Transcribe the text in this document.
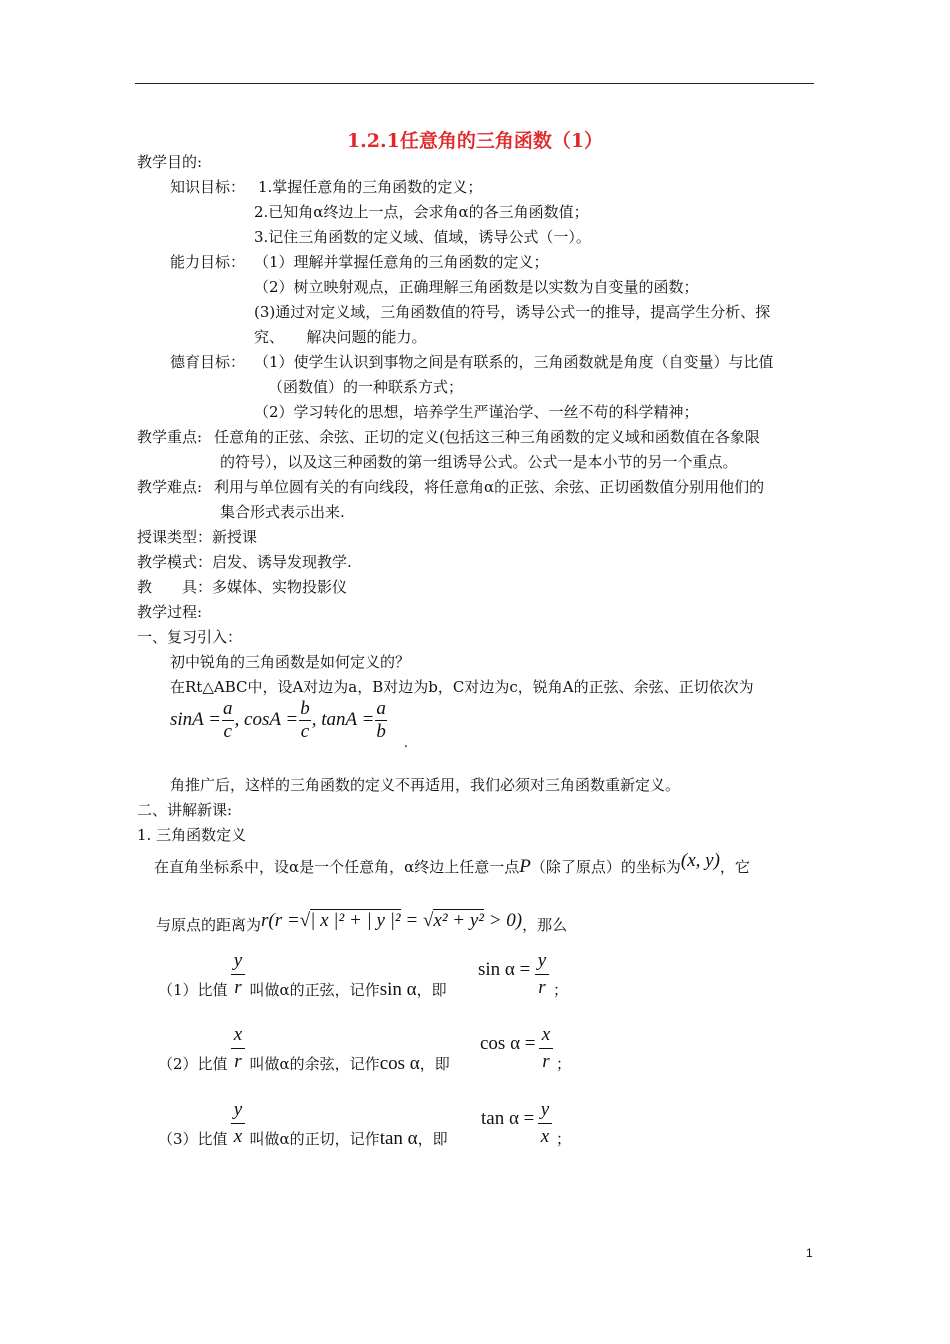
1.2.1任意角的三角函数（1）
教学目的:
知识目标： 1.掌握任意角的三角函数的定义；
2.已知角α终边上一点，会求角α的各三角函数值；
3.记住三角函数的定义域、值域，诱导公式（一）。
能力目标： （1）理解并掌握任意角的三角函数的定义；
（2）树立映射观点，正确理解三角函数是以实数为自变量的函数；
(3)通过对定义域，三角函数值的符号，诱导公式一的推导，提高学生分析、探
究、　　解决问题的能力。
德育目标： （1）使学生认识到事物之间是有联系的，三角函数就是角度（自变量）与比值
（函数值）的一种联系方式；
（2）学习转化的思想，培养学生严谨治学、一丝不苟的科学精神；
教学重点: 任意角的正弦、余弦、正切的定义(包括这三种三角函数的定义域和函数值在各象限
的符号），以及这三种函数的第一组诱导公式。公式一是本小节的另一个重点。
教学难点: 利用与单位圆有关的有向线段，将任意角α的正弦、余弦、正切函数值分别用他们的
集合形式表示出来.
授课类型：新授课
教学模式：启发、诱导发现教学.
教　　具：多媒体、实物投影仪
教学过程:
一、复习引入：
初中锐角的三角函数是如何定义的？
在Rt△ABC中，设A对边为a，B对边为b，C对边为c，锐角A的正弦、余弦、正切依次为
$\sin A = \frac{a}{c}$ , $\cos A = \frac{b}{c}$ , $\tan A = \frac{a}{b}$ .
角推广后，这样的三角函数的定义不再适用，我们必须对三角函数重新定义。
二、讲解新课:
1. 三角函数定义
在直角坐标系中，设α是一个任意角，α终边上任意一点P（除了原点）的坐标为(x, y)，它
与原点的距离为r(r =√| x |² + | y |² = √x² + y² > 0)，那么
y
r
（1）比值 叫做α的正弦，记作sin α，即
sin α = y
r ；
x
r
（2）比值 叫做α的余弦，记作cos α，即
cos α = x
r ；
y
x
（3）比值 叫做α的正切，记作tan α，即
tan α = y
x ；
1
